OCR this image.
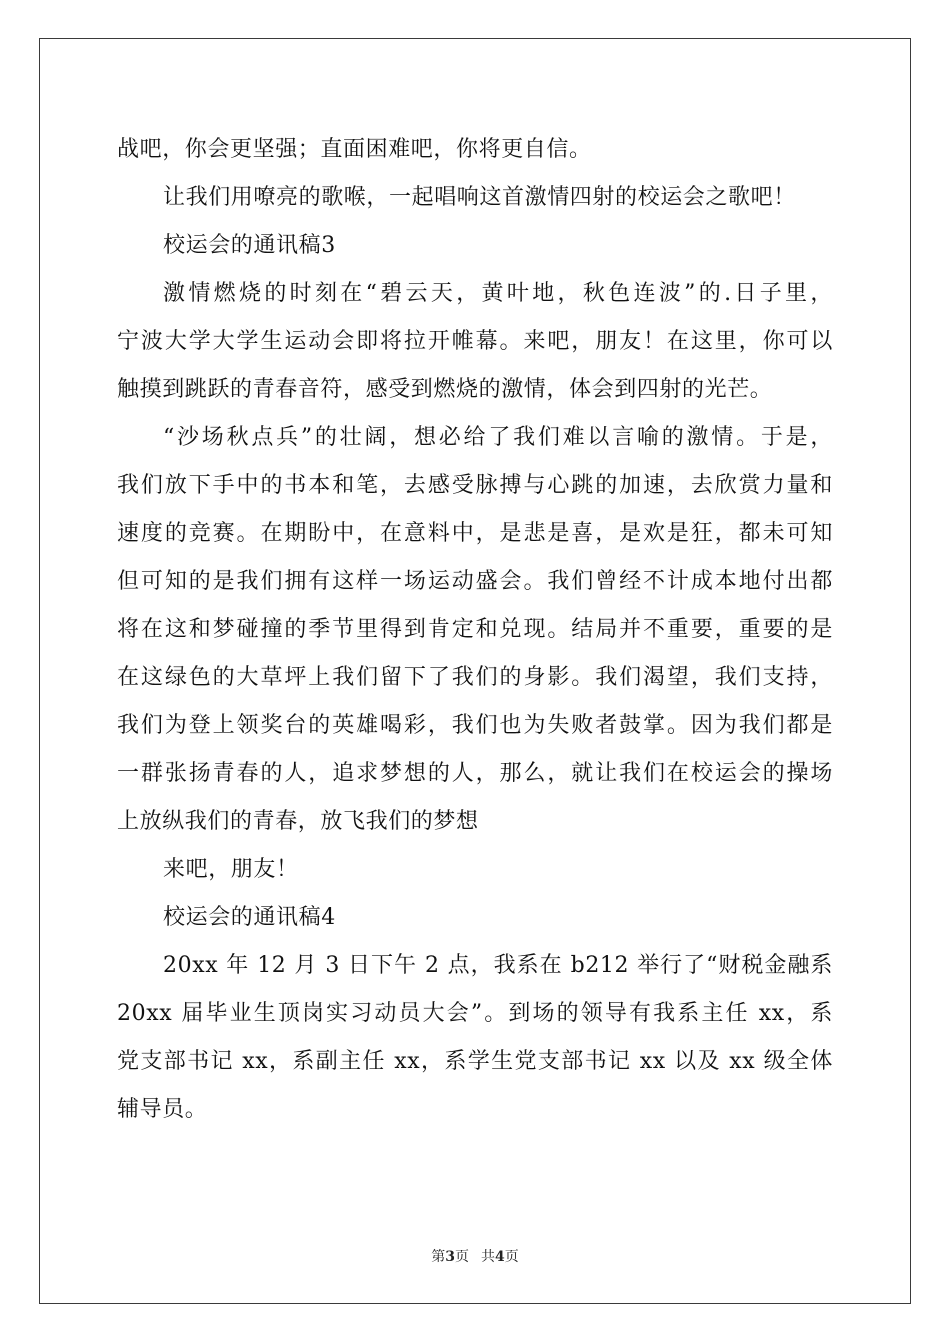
战吧，你会更坚强；直面困难吧，你将更自信。
让我们用嘹亮的歌喉，一起唱响这首激情四射的校运会之歌吧！
校运会的通讯稿3
激情燃烧的时刻在“碧云天，黄叶地，秋色连波”的.日子里，
宁波大学大学生运动会即将拉开帷幕。来吧，朋友！在这里，你可以
触摸到跳跃的青春音符，感受到燃烧的激情，体会到四射的光芒。
“沙场秋点兵”的壮阔，想必给了我们难以言喻的激情。于是，
我们放下手中的书本和笔，去感受脉搏与心跳的加速，去欣赏力量和
速度的竞赛。在期盼中，在意料中，是悲是喜，是欢是狂，都未可知
但可知的是我们拥有这样一场运动盛会。我们曾经不计成本地付出都
将在这和梦碰撞的季节里得到肯定和兑现。结局并不重要，重要的是
在这绿色的大草坪上我们留下了我们的身影。我们渴望，我们支持，
我们为登上领奖台的英雄喝彩，我们也为失败者鼓掌。因为我们都是
一群张扬青春的人，追求梦想的人，那么，就让我们在校运会的操场
上放纵我们的青春，放飞我们的梦想
来吧，朋友！
校运会的通讯稿4
20xx 年 12 月 3 日下午 2 点，我系在 b212 举行了“财税金融系
20xx 届毕业生顶岗实习动员大会”。到场的领导有我系主任 xx，系
党支部书记 xx，系副主任 xx，系学生党支部书记 xx 以及 xx 级全体
辅导员。
第3页 共4页
